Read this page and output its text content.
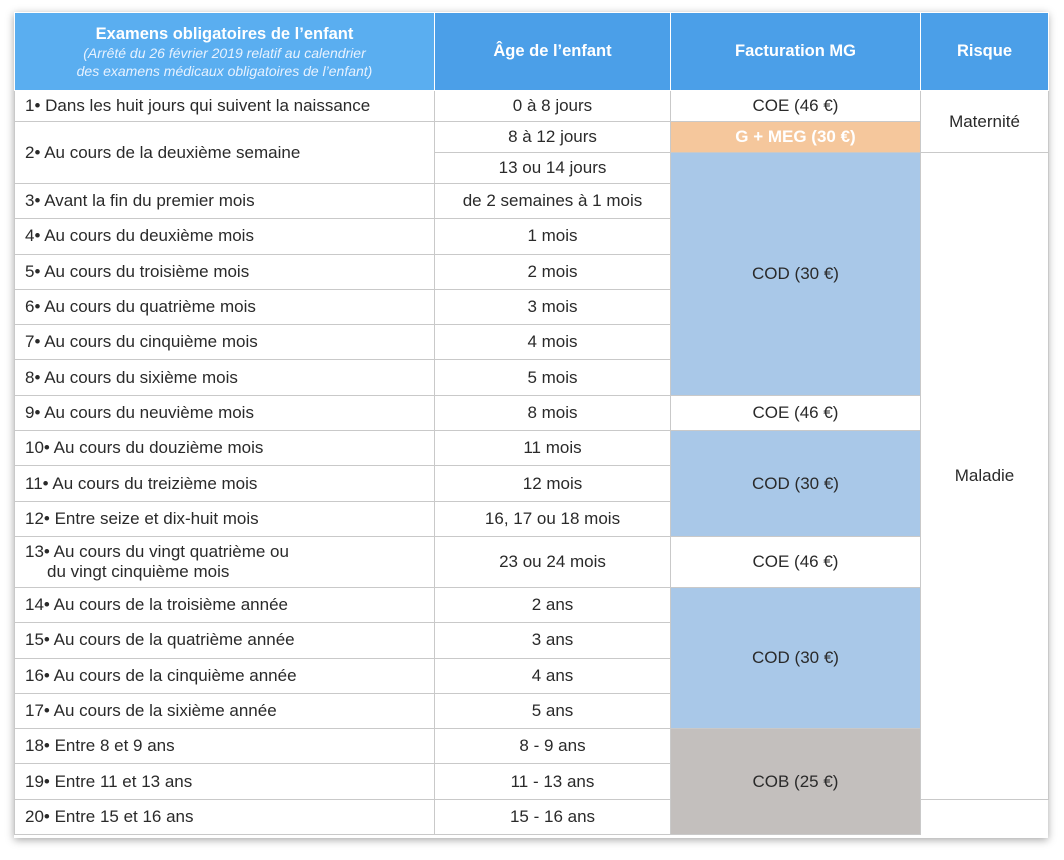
Examens obligatoires de l’enfant
(Arrêté du 26 février 2019 relatif au calendrier
des examens médicaux obligatoires de l’enfant)	Âge de l’enfant	Facturation MG	Risque
1• Dans les huit jours qui suivent la naissance	0 à 8 jours	COE (46 €)	Maternité
2• Au cours de la deuxième semaine	8 à 12 jours	G + MEG (30 €)	
	13 ou 14 jours	COD (30 €)	Maladie
3• Avant la fin du premier mois	de 2 semaines à 1 mois		
4• Au cours du deuxième mois	1 mois		
5• Au cours du troisième mois	2 mois		
6• Au cours du quatrième mois	3 mois		
7• Au cours du cinquième mois	4 mois		
8• Au cours du sixième mois	5 mois		
9• Au cours du neuvième mois	8 mois	COE (46 €)	
10• Au cours du douzième mois	11 mois	COD (30 €)	
11• Au cours du treizième mois	12 mois		
12• Entre seize et dix-huit mois	16, 17 ou 18 mois		
13• Au cours du vingt quatrième ou
du vingt cinquième mois	23 ou 24 mois	COE (46 €)	
14• Au cours de la troisième année	2 ans	COD (30 €)	
15• Au cours de la quatrième année	3 ans		
16• Au cours de la cinquième année	4 ans		
17• Au cours de la sixième année	5 ans		
18• Entre 8 et 9 ans	8 - 9 ans	COB (25 €)	
19• Entre 11 et 13 ans	11 - 13 ans		
20• Entre 15 et 16 ans	15 - 16 ans		
